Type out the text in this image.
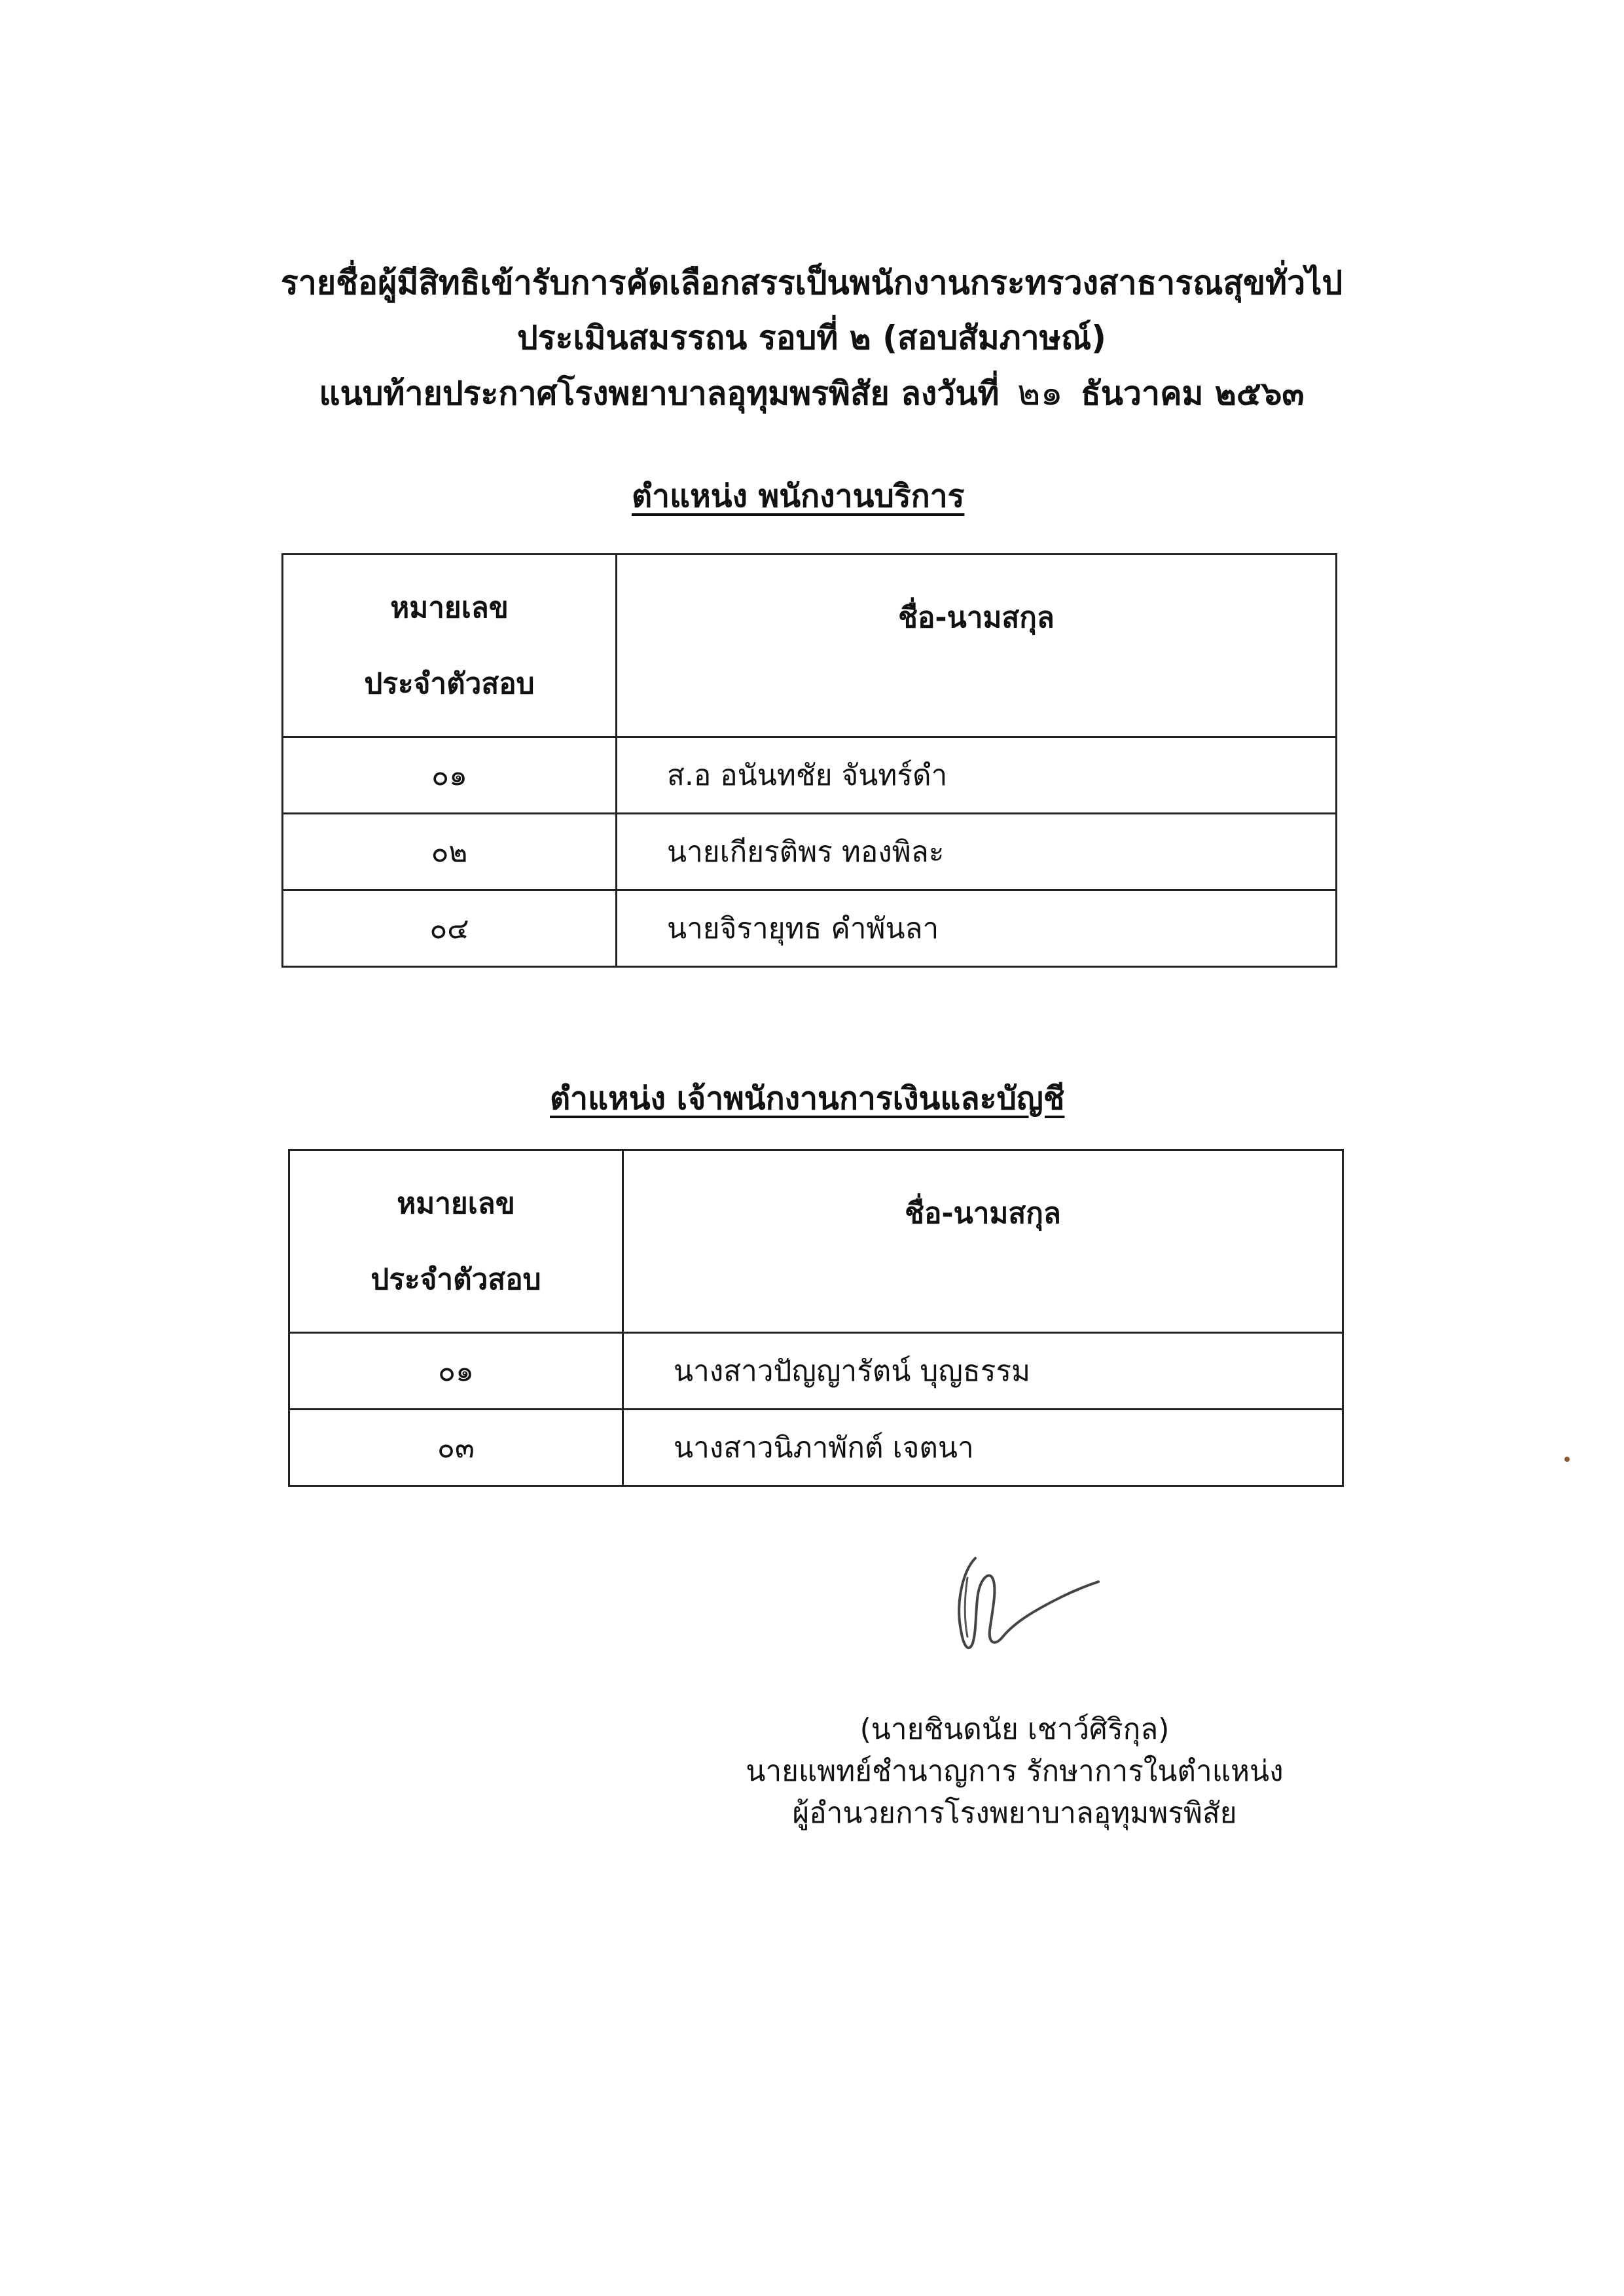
รายชื่อผู้มีสิทธิเข้ารับการคัดเลือกสรรเป็นพนักงานกระทรวงสาธารณสุขทั่วไป
ประเมินสมรรถน รอบที่ ๒ (สอบสัมภาษณ์)
แนบท้ายประกาศโรงพยาบาลอุทุมพรพิสัย ลงวันที่ ๒๑ ธันวาคม ๒๕๖๓
ตำแหน่ง พนักงานบริการ
หมายเลข
ประจำตัวสอบ	ชื่อ-นามสกุล
๐๑	ส.อ อนันทชัย จันทร์ดำ
๐๒	นายเกียรติพร ทองพิละ
๐๔	นายจิรายุทธ คำพันลา
ตำแหน่ง เจ้าพนักงานการเงินและบัญชี
หมายเลข
ประจำตัวสอบ	ชื่อ-นามสกุล
๐๑	นางสาวปัญญารัตน์ บุญธรรม
๐๓	นางสาวนิภาพักต์ เจตนา
(นายชินดนัย เชาว์ศิริกุล)
นายแพทย์ชำนาญการ รักษาการในตำแหน่ง
ผู้อำนวยการโรงพยาบาลอุทุมพรพิสัย
